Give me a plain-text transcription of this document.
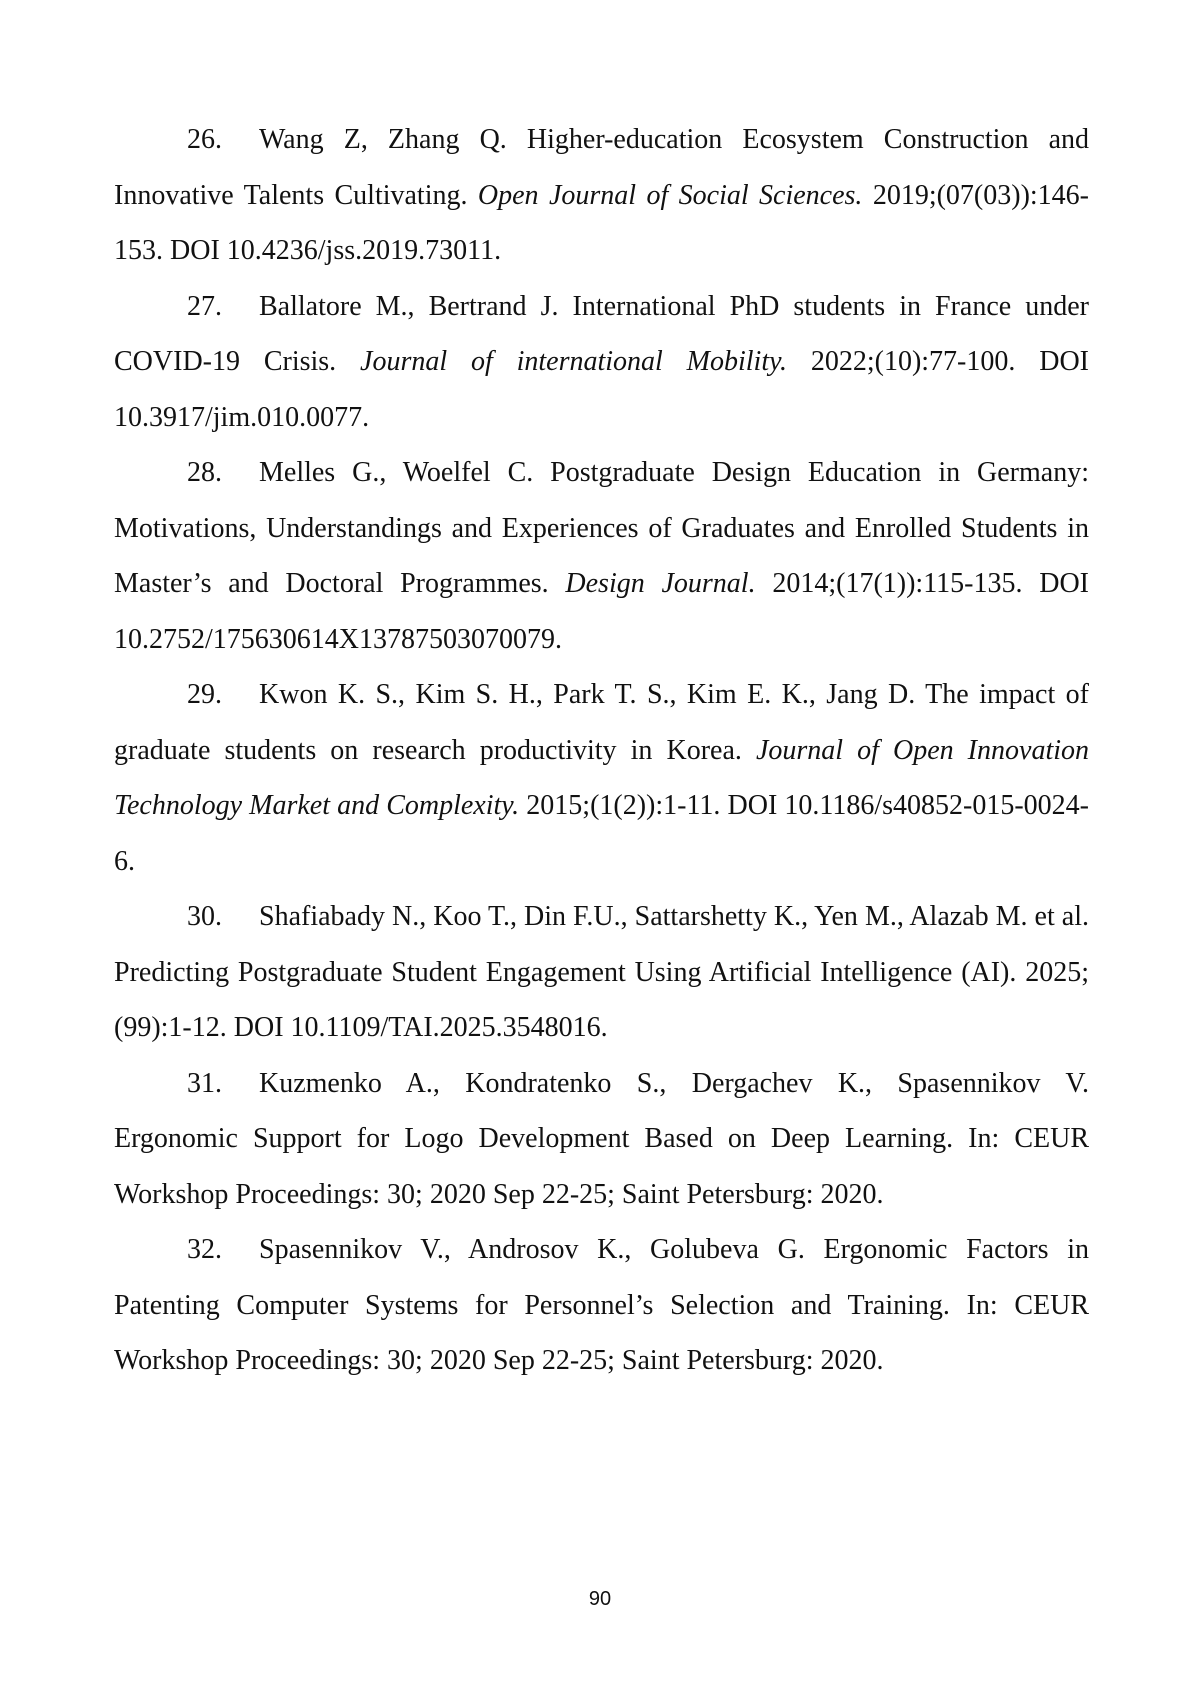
26. Wang Z, Zhang Q. Higher-education Ecosystem Construction and Innovative Talents Cultivating. Open Journal of Social Sciences. 2019;(07(03)):146-153. DOI 10.4236/jss.2019.73011.

27. Ballatore M., Bertrand J. International PhD students in France under COVID-19 Crisis. Journal of international Mobility. 2022;(10):77-100. DOI 10.3917/jim.010.0077.

28. Melles G., Woelfel C. Postgraduate Design Education in Germany: Motivations, Understandings and Experiences of Graduates and Enrolled Students in Master’s and Doctoral Programmes. Design Journal. 2014;(17(1)):115-135. DOI 10.2752/175630614X13787503070079.

29. Kwon K. S., Kim S. H., Park T. S., Kim E. K., Jang D. The impact of graduate students on research productivity in Korea. Journal of Open Innovation Technology Market and Complexity. 2015;(1(2)):1-11. DOI 10.1186/s40852-015-0024-6.

30. Shafiabady N., Koo T., Din F.U., Sattarshetty K., Yen M., Alazab M. et al. Predicting Postgraduate Student Engagement Using Artificial Intelligence (AI). 2025;(99):1-12. DOI 10.1109/TAI.2025.3548016.

31. Kuzmenko A., Kondratenko S., Dergachev K., Spasennikov V. Ergonomic Support for Logo Development Based on Deep Learning. In: CEUR Workshop Proceedings: 30; 2020 Sep 22-25; Saint Petersburg: 2020.

32. Spasennikov V., Androsov K., Golubeva G. Ergonomic Factors in Patenting Computer Systems for Personnel’s Selection and Training. In: CEUR Workshop Proceedings: 30; 2020 Sep 22-25; Saint Petersburg: 2020.

90
